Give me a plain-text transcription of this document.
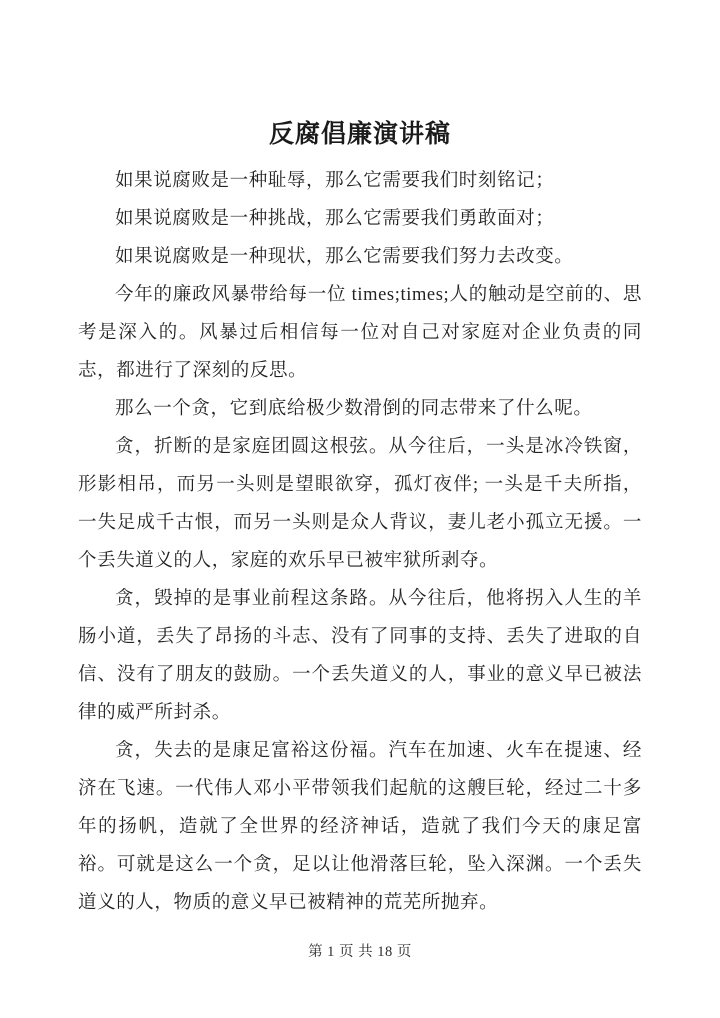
反腐倡廉演讲稿

如果说腐败是一种耻辱，那么它需要我们时刻铭记；

如果说腐败是一种挑战，那么它需要我们勇敢面对；

如果说腐败是一种现状，那么它需要我们努力去改变。

今年的廉政风暴带给每一位 times;times;人的触动是空前的、思考是深入的。风暴过后相信每一位对自己对家庭对企业负责的同志，都进行了深刻的反思。

那么一个贪，它到底给极少数滑倒的同志带来了什么呢。

贪，折断的是家庭团圆这根弦。从今往后，一头是冰冷铁窗，形影相吊，而另一头则是望眼欲穿，孤灯夜伴; 一头是千夫所指，一失足成千古恨，而另一头则是众人背议，妻儿老小孤立无援。一个丢失道义的人，家庭的欢乐早已被牢狱所剥夺。

贪，毁掉的是事业前程这条路。从今往后，他将拐入人生的羊肠小道，丢失了昂扬的斗志、没有了同事的支持、丢失了进取的自信、没有了朋友的鼓励。一个丢失道义的人，事业的意义早已被法律的威严所封杀。

贪，失去的是康足富裕这份福。汽车在加速、火车在提速、经济在飞速。一代伟人邓小平带领我们起航的这艘巨轮，经过二十多年的扬帆，造就了全世界的经济神话，造就了我们今天的康足富裕。可就是这么一个贪，足以让他滑落巨轮，坠入深渊。一个丢失道义的人，物质的意义早已被精神的荒芜所抛弃。

第 1 页 共 18 页
